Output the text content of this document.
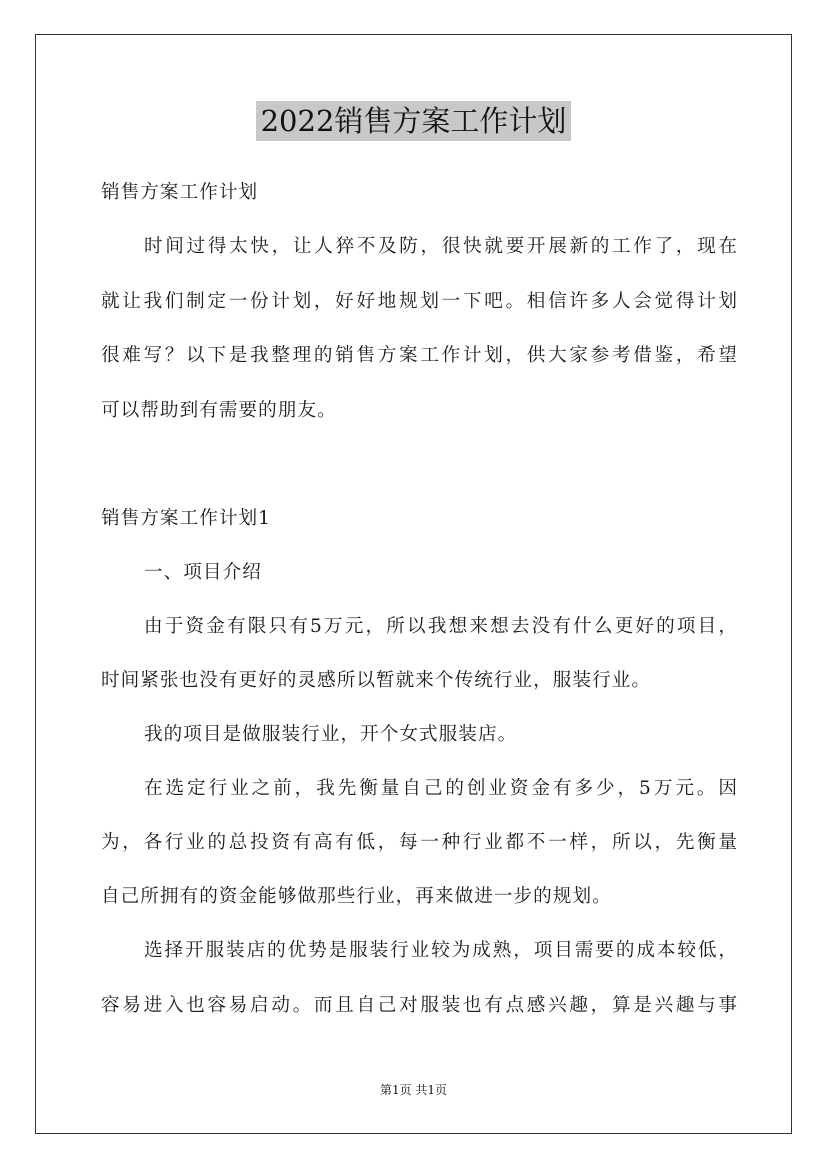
2022销售方案工作计划

销售方案工作计划

时间过得太快，让人猝不及防，很快就要开展新的工作了，现在

就让我们制定一份计划，好好地规划一下吧。相信许多人会觉得计划

很难写？以下是我整理的销售方案工作计划，供大家参考借鉴，希望

可以帮助到有需要的朋友。

销售方案工作计划1

一、项目介绍

由于资金有限只有5万元，所以我想来想去没有什么更好的项目，

时间紧张也没有更好的灵感所以暂就来个传统行业，服装行业。

我的项目是做服装行业，开个女式服装店。

在选定行业之前，我先衡量自己的创业资金有多少，5万元。因

为，各行业的总投资有高有低，每一种行业都不一样，所以，先衡量

自己所拥有的资金能够做那些行业，再来做进一步的规划。

选择开服装店的优势是服装行业较为成熟，项目需要的成本较低，

容易进入也容易启动。而且自己对服装也有点感兴趣，算是兴趣与事

第1页 共1页
